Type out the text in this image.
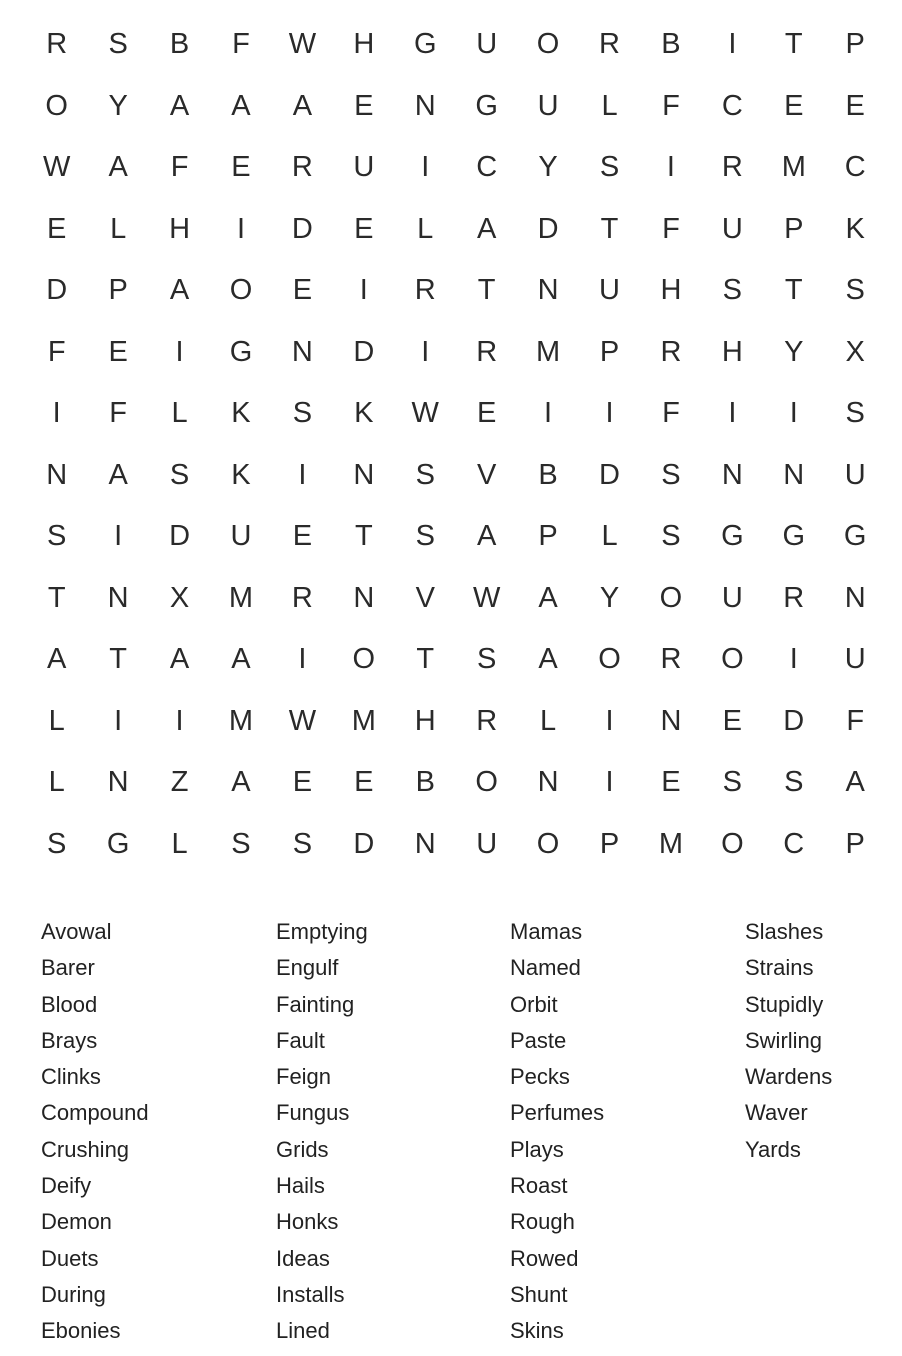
R	S	B	F	W	H	G	U	O	R	B	I	T	P
O	Y	A	A	A	E	N	G	U	L	F	C	E	E
W	A	F	E	R	U	I	C	Y	S	I	R	M	C
E	L	H	I	D	E	L	A	D	T	F	U	P	K
D	P	A	O	E	I	R	T	N	U	H	S	T	S
F	E	I	G	N	D	I	R	M	P	R	H	Y	X
I	F	L	K	S	K	W	E	I	I	F	I	I	S
N	A	S	K	I	N	S	V	B	D	S	N	N	U
S	I	D	U	E	T	S	A	P	L	S	G	G	G
T	N	X	M	R	N	V	W	A	Y	O	U	R	N
A	T	A	A	I	O	T	S	A	O	R	O	I	U
L	I	I	M	W	M	H	R	L	I	N	E	D	F
L	N	Z	A	E	E	B	O	N	I	E	S	S	A
S	G	L	S	S	D	N	U	O	P	M	O	C	P
Avowal
Barer
Blood
Brays
Clinks
Compound
Crushing
Deify
Demon
Duets
During
Ebonies
Emptying
Engulf
Fainting
Fault
Feign
Fungus
Grids
Hails
Honks
Ideas
Installs
Lined
Mamas
Named
Orbit
Paste
Pecks
Perfumes
Plays
Roast
Rough
Rowed
Shunt
Skins
Slashes
Strains
Stupidly
Swirling
Wardens
Waver
Yards
